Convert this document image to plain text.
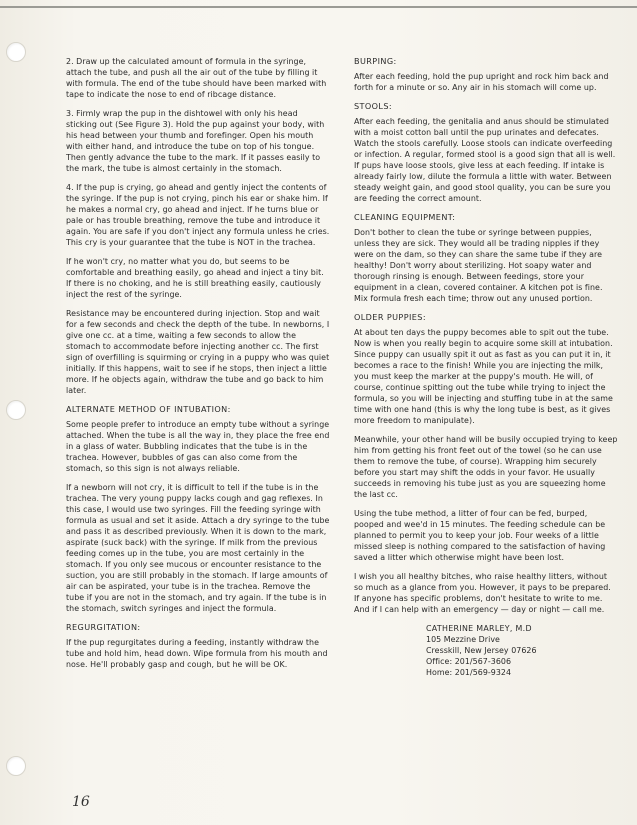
2. Draw up the calculated amount of formula in the syringe, attach the tube, and push all the air out of the tube by filling it with formula. The end of the tube should have been marked with tape to indicate the nose to end of ribcage distance.

3. Firmly wrap the pup in the dishtowel with only his head sticking out (See Figure 3). Hold the pup against your body, with his head between your thumb and forefinger. Open his mouth with either hand, and introduce the tube on top of his tongue. Then gently advance the tube to the mark. If it passes easily to the mark, the tube is almost certainly in the stomach.

4. If the pup is crying, go ahead and gently inject the contents of the syringe. If the pup is not crying, pinch his ear or shake him. If he makes a normal cry, go ahead and inject. If he turns blue or pale or has trouble breathing, remove the tube and introduce it again. You are safe if you don't inject any formula unless he cries. This cry is your guarantee that the tube is NOT in the trachea.

If he won't cry, no matter what you do, but seems to be comfortable and breathing easily, go ahead and inject a tiny bit. If there is no choking, and he is still breathing easily, cautiously inject the rest of the syringe.

Resistance may be encountered during injection. Stop and wait for a few seconds and check the depth of the tube. In newborns, I give one cc. at a time, waiting a few seconds to allow the stomach to accommodate before injecting another cc. The first sign of overfilling is squirming or crying in a puppy who was quiet initially. If this happens, wait to see if he stops, then inject a little more. If he objects again, withdraw the tube and go back to him later.

ALTERNATE METHOD OF INTUBATION:

Some people prefer to introduce an empty tube without a syringe attached. When the tube is all the way in, they place the free end in a glass of water. Bubbling indicates that the tube is in the trachea. However, bubbles of gas can also come from the stomach, so this sign is not always reliable.

If a newborn will not cry, it is difficult to tell if the tube is in the trachea. The very young puppy lacks cough and gag reflexes. In this case, I would use two syringes. Fill the feeding syringe with formula as usual and set it aside. Attach a dry syringe to the tube and pass it as described previously. When it is down to the mark, aspirate (suck back) with the syringe. If milk from the previous feeding comes up in the tube, you are most certainly in the stomach. If you only see mucous or encounter resistance to the suction, you are still probably in the stomach. If large amounts of air can be aspirated, your tube is in the trachea. Remove the tube if you are not in the stomach, and try again. If the tube is in the stomach, switch syringes and inject the formula.

REGURGITATION:

If the pup regurgitates during a feeding, instantly withdraw the tube and hold him, head down. Wipe formula from his mouth and nose. He'll probably gasp and cough, but he will be OK.

BURPING:

After each feeding, hold the pup upright and rock him back and forth for a minute or so. Any air in his stomach will come up.

STOOLS:

After each feeding, the genitalia and anus should be stimulated with a moist cotton ball until the pup urinates and defecates. Watch the stools carefully. Loose stools can indicate overfeeding or infection. A regular, formed stool is a good sign that all is well. If pups have loose stools, give less at each feeding. If intake is already fairly low, dilute the formula a little with water. Between steady weight gain, and good stool quality, you can be sure you are feeding the correct amount.

CLEANING EQUIPMENT:

Don't bother to clean the tube or syringe between puppies, unless they are sick. They would all be trading nipples if they were on the dam, so they can share the same tube if they are healthy! Don't worry about sterilizing. Hot soapy water and thorough rinsing is enough. Between feedings, store your equipment in a clean, covered container. A kitchen pot is fine. Mix formula fresh each time; throw out any unused portion.

OLDER PUPPIES:

At about ten days the puppy becomes able to spit out the tube. Now is when you really begin to acquire some skill at intubation. Since puppy can usually spit it out as fast as you can put it in, it becomes a race to the finish! While you are injecting the milk, you must keep the marker at the puppy's mouth. He will, of course, continue spitting out the tube while trying to inject the formula, so you will be injecting and stuffing tube in at the same time with one hand (this is why the long tube is best, as it gives more freedom to manipulate).

Meanwhile, your other hand will be busily occupied trying to keep him from getting his front feet out of the towel (so he can use them to remove the tube, of course). Wrapping him securely before you start may shift the odds in your favor. He usually succeeds in removing his tube just as you are squeezing home the last cc.

Using the tube method, a litter of four can be fed, burped, pooped and wee'd in 15 minutes. The feeding schedule can be planned to permit you to keep your job. Four weeks of a little missed sleep is nothing compared to the satisfaction of having saved a litter which otherwise might have been lost.

I wish you all healthy bitches, who raise healthy litters, without so much as a glance from you. However, it pays to be prepared. If anyone has specific problems, don't hesitate to write to me. And if I can help with an emergency — day or night — call me.

CATHERINE MARLEY, M.D
105 Mezzine Drive
Cresskill, New Jersey 07626
Office: 201/567-3606
Home: 201/569-9324
16
